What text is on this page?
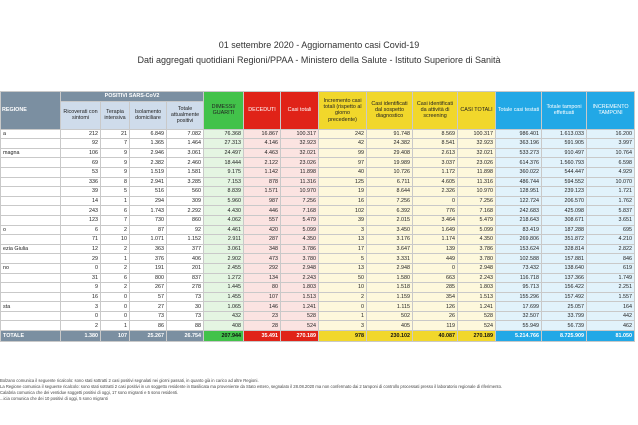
01 settembre 2020 - Aggiornamento casi Covid-19
Dati aggregati quotidiani Regioni/PPAA - Ministero della Salute - Istituto Superiore di Sanità
REGIONE	POSITIVI SARS-CoV2				DIMESSI/ GUARITI	DECEDUTI	Casi totali	Incremento casi totali (rispetto al giorno precedente)	Casi identificati dal sospetto diagnostico	Casi identificati da attività di screening	CASI TOTALI	Totale casi testati	Totale tamponi effettuati	INCREMENTO TAMPONI
	Ricoverati con sintomi	Terapia intensiva	Isolamento domiciliare	Totale attualmente positivi										
a	212	21	6.849	7.082	76.368	16.867	100.317	242	91.748	8.569	100.317	986.401	1.613.033	16.200
	92	7	1.365	1.464	27.313	4.146	32.923	42	24.382	8.541	32.923	363.196	591.905	3.997
magna	106	9	2.946	3.061	24.497	4.463	32.021	99	29.408	2.613	32.021	533.273	910.497	10.764
	69	9	2.382	2.460	18.444	2.122	23.026	97	19.989	3.037	23.026	614.376	1.560.793	6.598
	53	9	1.519	1.581	9.175	1.142	11.898	40	10.726	1.172	11.898	360.022	544.447	4.929
	336	8	2.941	3.285	7.153	878	11.316	125	6.711	4.605	11.316	486.744	594.552	10.070
	39	5	516	560	8.839	1.571	10.970	19	8.644	2.326	10.970	128.951	239.123	1.721
	14	1	294	309	5.960	987	7.256	16	7.256	0	7.256	122.724	206.570	1.762
	243	6	1.743	2.292	4.430	446	7.168	102	6.392	776	7.168	242.683	425.098	5.837
	123	7	730	860	4.062	557	5.479	39	2.015	3.464	5.479	218.643	308.671	3.651
o	6	2	87	92	4.461	420	5.099	3	3.450	1.649	5.099	83.419	187.288	695
	71	10	1.071	1.152	2.911	287	4.350	13	3.176	1.174	4.350	269.806	351.872	4.210
ezia Giulia	12	2	363	377	3.061	348	3.786	17	3.647	139	3.786	153.624	328.814	2.822
	29	1	376	406	2.902	473	3.780	5	3.331	449	3.780	102.588	157.881	846
no	0	2	191	201	2.455	292	2.948	13	2.948	0	2.948	73.432	138.640	619
	31	6	800	837	1.272	134	2.243	50	1.580	663	2.243	116.718	137.366	1.749
	9	2	267	278	1.445	80	1.803	10	1.518	285	1.803	95.713	156.422	2.251
	16	0	57	73	1.455	107	1.513	2	1.159	354	1.513	155.296	157.492	1.557
sta	3	0	27	30	1.065	146	1.241	0	1.115	126	1.241	17.699	25.057	164
	0	0	73	73	432	23	528	1	502	26	528	32.507	33.799	442
	2	1	86	88	408	28	524	3	405	119	524	55.949	56.739	462
TOTALE	1.380	107	25.267	26.754	207.944	35.491	270.189	978	230.102	40.087	270.189	5.214.766	8.725.909	81.050
Bolzano comunica il seguente ricalcolo: sono stati sottratti 2 casi positivi segnalati nei giorni passati, in quanto già in carico ad altre Regioni.
La Regione comunica il seguente ricalcolo: sono stati sottratti 2 casi positivi in un soggetto residente in Basilicata ma proveniente da Stato estero, segnalato il 28.08.2020 ma non confermato dai 2 tamponi di controllo processati presso il laboratorio regionale di riferimento.
Calabria comunica che dei ventidue soggetti positivi di oggi, 17 sono migranti e 5 sono residenti.
...icia comunica che dei 10 positivi di oggi, 5 sono migranti
